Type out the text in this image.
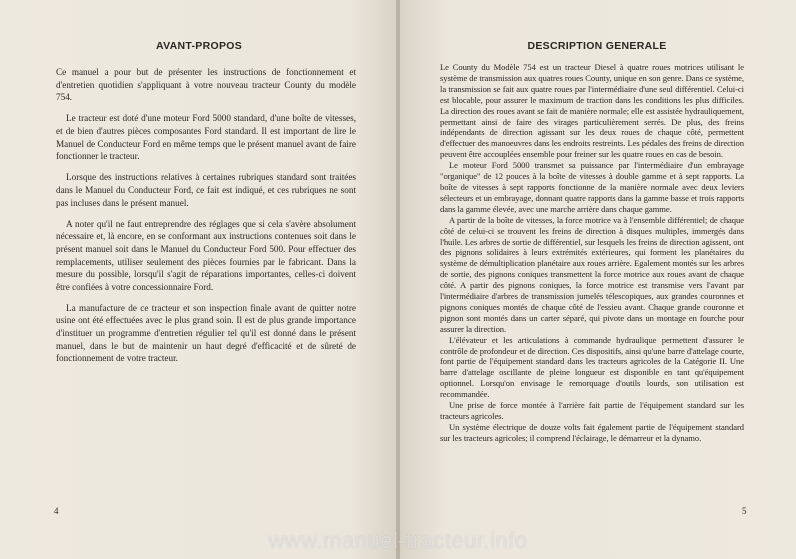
AVANT-PROPOS

Ce manuel a pour but de présenter les instructions de fonctionnement et d'entretien quotidien s'appliquant à votre nouveau tracteur County du modèle 754.

Le tracteur est doté d'une moteur Ford 5000 standard, d'une boîte de vitesses, et de bien d'autres pièces composantes Ford standard. Il est important de lire le Manuel de Conducteur Ford en même temps que le présent manuel avant de faire fonctionner le tracteur.

Lorsque des instructions relatives à certaines rubriques standard sont traitées dans le Manuel du Conducteur Ford, ce fait est indiqué, et ces rubriques ne sont pas incluses dans le présent manuel.

A noter qu'il ne faut entreprendre des réglages que si cela s'avère absolument nécessaire et, là encore, en se conformant aux instructions contenues soit dans le présent manuel soit dans le Manuel du Conducteur Ford 500. Pour effectuer des remplacements, utiliser seulement des pièces fournies par le fabricant. Dans la mesure du possible, lorsqu'il s'agit de réparations importantes, celles-ci doivent être confiées à votre concessionnaire Ford.

La manufacture de ce tracteur et son inspection finale avant de quitter notre usine ont été effectuées avec le plus grand soin. Il est de plus grande importance d'instituer un programme d'entretien régulier tel qu'il est donné dans le présent manuel, dans le but de maintenir un haut degré d'efficacité et de sûreté de fonctionnement de votre tracteur.

4
DESCRIPTION GENERALE

Le County du Modèle 754 est un tracteur Diesel à quatre roues motrices utilisant le système de transmission aux quatres roues County, unique en son genre. Dans ce système, la transmission se fait aux quatre roues par l'intermédiaire d'une seul différentiel. Celui-ci est blocable, pour assurer le maximum de traction dans les conditions les plus difficiles. La direction des roues avant se fait de manière normale; elle est assistée hydrauliquement, permettant ainsi de faire des virages particulièrement serrés. De plus, des freins indépendants de direction agissant sur les deux roues de chaque côté, permettent d'effectuer des manoeuvres dans les endroits restreints. Les pédales des freins de direction peuvent être accouplées ensemble pour freiner sur les quatre roues en cas de besoin.

Le moteur Ford 5000 transmet sa puissance par l'intermédiaire d'un embrayage "organique" de 12 pouces à la boîte de vitesses à double gamme et à sept rapports. La boîte de vitesses à sept rapports fonctionne de la manière normale avec deux leviers sélecteurs et un embrayage, donnant quatre rapports dans la gamme basse et trois rapports dans la gamme élevée, avec une marche arrière dans chaque gamme.

A partir de la boîte de vitesses, la force motrice va à l'ensemble différentiel; de chaque côté de celui-ci se trouvent les freins de direction à disques multiples, immergés dans l'huile. Les arbres de sortie de différentiel, sur lesquels les freins de direction agissent, ont des pignons solidaires à leurs extrémités extérieures, qui forment les planétaires du système de démultiplication planétaire aux roues arrière. Egalement montés sur les arbres de sortie, des pignons coniques transmettent la force motrice aux roues avant de chaque côté. A partir des pignons coniques, la force motrice est transmise vers l'avant par l'intermédiaire d'arbres de transmission jumelés télescopiques, aux grandes couronnes et pignons coniques montés de chaque côté de l'essieu avant. Chaque grande couronne et pignon sont montés dans un carter séparé, qui pivote dans un montage en fourche pour assurer la direction.

L'élévateur et les articulations à commande hydraulique permettent d'assurer le contrôle de profondeur et de direction. Ces dispositifs, ainsi qu'une barre d'attelage courte, font partie de l'équipement standard dans les tracteurs agricoles de la Catégorie II. Une barre d'attelage oscillante de pleine longueur est disponible en tant qu'équipement optionnel. Lorsqu'on envisage le remorquage d'outils lourds, son utilisation est recommandée.

Une prise de force montée à l'arrière fait partie de l'équipement standard sur les tracteurs agricoles.

Un système électrique de douze volts fait également partie de l'équipement standard sur les tracteurs agricoles; il comprend l'éclairage, le démarreur et la dynamo.

5
www.manuel-tracteur.info
